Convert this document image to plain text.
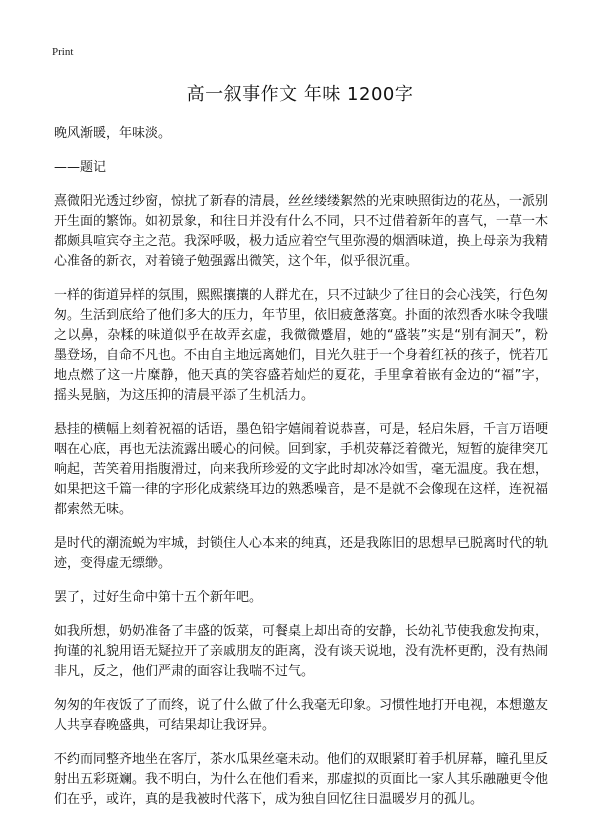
Print
高一叙事作文 年味 1200字

晚风渐暖，年味淡。

——题记

熹微阳光透过纱窗，惊扰了新春的清晨，丝丝缕缕絮然的光束映照街边的花丛，一派别开生面的繁饰。如初景象，和往日并没有什么不同，只不过借着新年的喜气，一草一木都颇具喧宾夺主之范。我深呼吸，极力适应着空气里弥漫的烟酒味道，换上母亲为我精心准备的新衣，对着镜子勉强露出微笑，这个年，似乎很沉重。

一样的街道异样的氛围，熙熙攘攘的人群尤在，只不过缺少了往日的会心浅笑，行色匆匆。生活到底给了他们多大的压力，年节里，依旧疲惫落寞。扑面的浓烈香水味令我嗤之以鼻，杂糅的味道似乎在故弄玄虚，我微微蹙眉，她的“盛装”实是“别有洞天”，粉墨登场，自命不凡也。不由自主地远离她们，目光久驻于一个身着红袄的孩子，恍若兀地点燃了这一片糜静，他天真的笑容盛若灿烂的夏花，手里拿着嵌有金边的“福”字，摇头晃脑，为这压抑的清晨平添了生机活力。

悬挂的横幅上刻着祝福的话语，墨色铅字嬉闹着说恭喜，可是，轻启朱唇，千言万语哽咽在心底，再也无法流露出暖心的问候。回到家，手机荧幕泛着微光，短暂的旋律突兀响起，苦笑着用指腹滑过，向来我所珍爱的文字此时却冰冷如雪，毫无温度。我在想，如果把这千篇一律的字形化成萦绕耳边的熟悉噪音，是不是就不会像现在这样，连祝福都索然无味。

是时代的潮流蜕为牢城，封锁住人心本来的纯真，还是我陈旧的思想早已脱离时代的轨迹，变得虚无缥缈。

罢了，过好生命中第十五个新年吧。

如我所想，奶奶准备了丰盛的饭菜，可餐桌上却出奇的安静，长幼礼节使我愈发拘束，拘谨的礼貌用语无疑拉开了亲戚朋友的距离，没有谈天说地，没有洗杯更酌，没有热闹非凡，反之，他们严肃的面容让我喘不过气。

匆匆的年夜饭了了而终，说了什么做了什么我毫无印象。习惯性地打开电视，本想邀友人共享春晚盛典，可结果却让我讶异。

不约而同整齐地坐在客厅，茶水瓜果丝毫未动。他们的双眼紧盯着手机屏幕，瞳孔里反射出五彩斑斓。我不明白，为什么在他们看来，那虚拟的页面比一家人其乐融融更令他们在乎，或许，真的是我被时代落下，成为独自回忆往日温暖岁月的孤儿。
